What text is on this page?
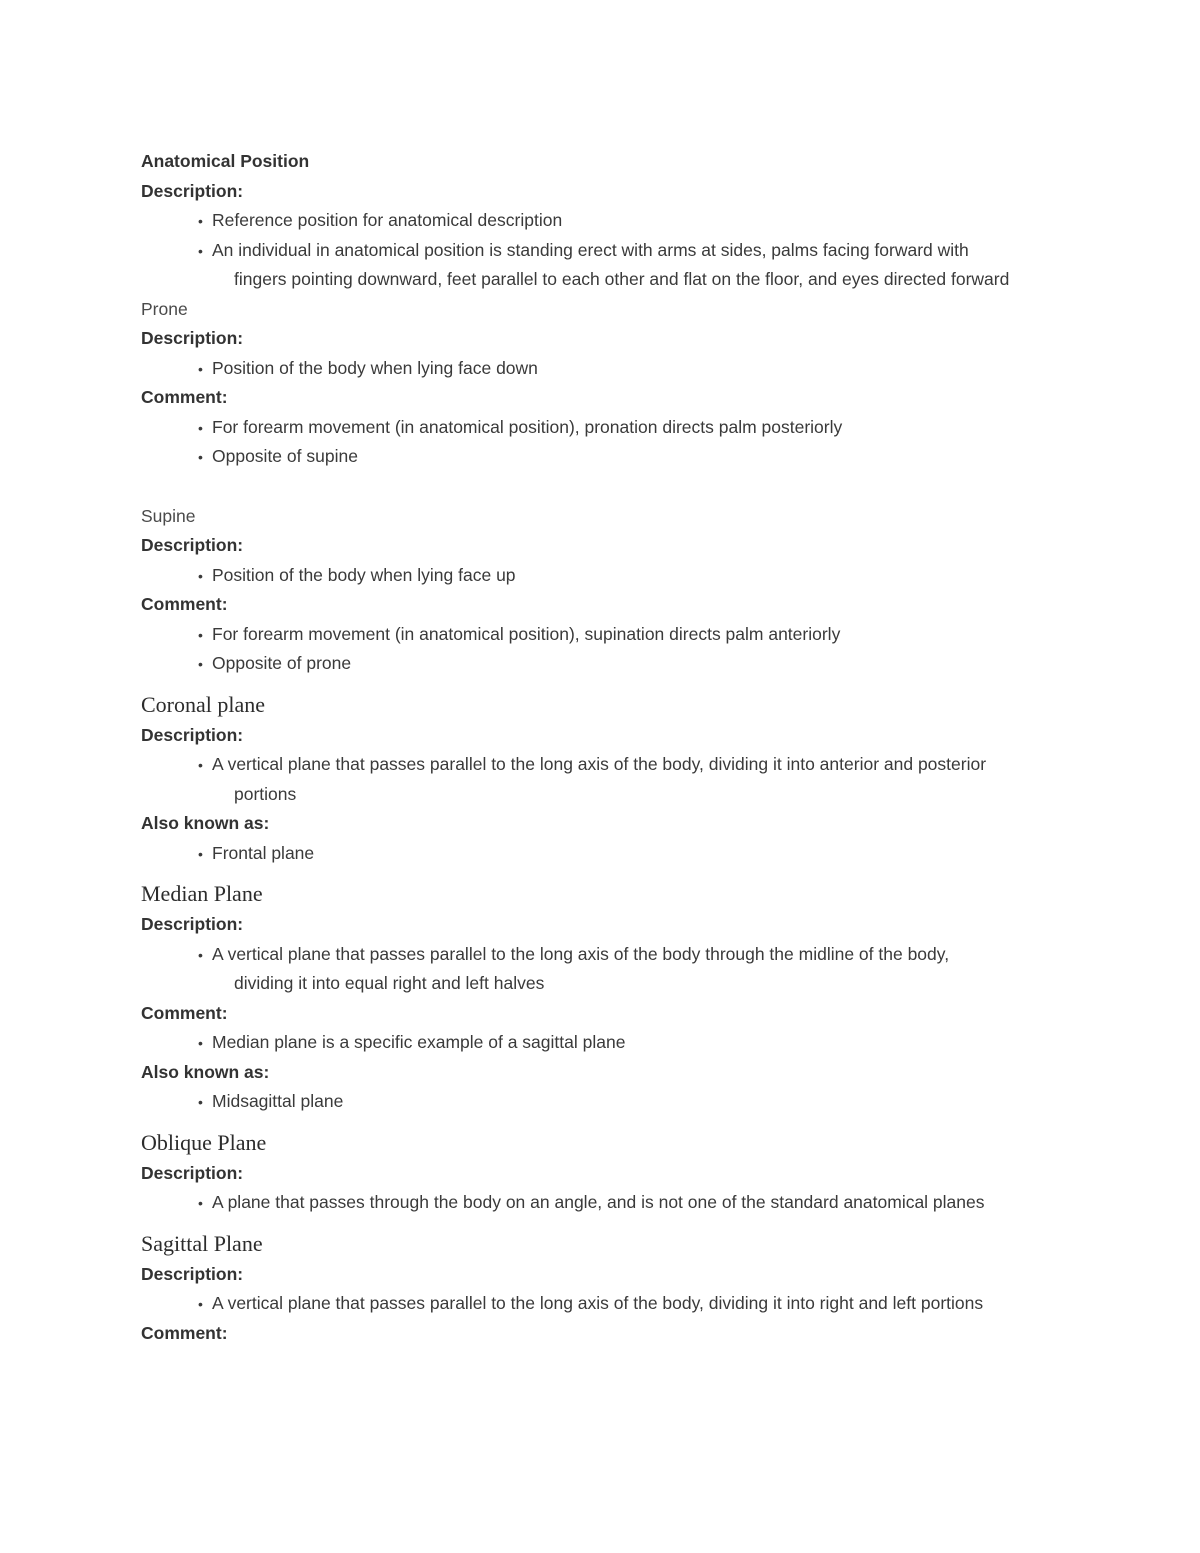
Anatomical Position
Description:
• Reference position for anatomical description
• An individual in anatomical position is standing erect with arms at sides, palms facing forward with
fingers pointing downward, feet parallel to each other and flat on the floor, and eyes directed forward
Prone
Description:
• Position of the body when lying face down
Comment:
• For forearm movement (in anatomical position), pronation directs palm posteriorly
• Opposite of supine
Supine
Description:
• Position of the body when lying face up
Comment:
• For forearm movement (in anatomical position), supination directs palm anteriorly
• Opposite of prone
Coronal plane
Description:
• A vertical plane that passes parallel to the long axis of the body, dividing it into anterior and posterior
portions
Also known as:
• Frontal plane
Median Plane
Description:
• A vertical plane that passes parallel to the long axis of the body through the midline of the body,
dividing it into equal right and left halves
Comment:
• Median plane is a specific example of a sagittal plane
Also known as:
• Midsagittal plane
Oblique Plane
Description:
• A plane that passes through the body on an angle, and is not one of the standard anatomical planes
Sagittal Plane
Description:
• A vertical plane that passes parallel to the long axis of the body, dividing it into right and left portions
Comment:
